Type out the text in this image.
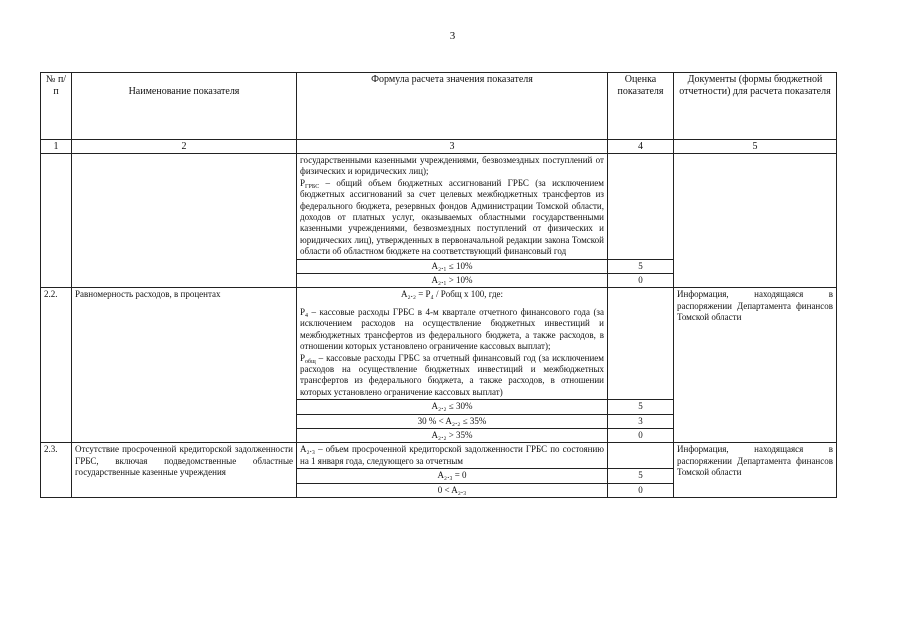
3
№ п/п	Наименование показателя	Формула расчета значения показателя	Оценка показателя	Документы (формы бюджетной отчетности) для расчета показателя
1	2	3	4	5

		государственными казенными учреждениями, безвозмездных поступлений от физических и юридических лиц);

$Р_{ГРБС}$ – общий объем бюджетных ассигнований ГРБС (за исключением бюджетных ассигнований за счет целевых межбюджетных трансфертов из федерального бюджета, резервных фондов Администрации Томской области, доходов от платных услуг, оказываемых областными государственными казенными учреждениями, безвозмездных поступлений от физических и юридических лиц), утвержденных в первоначальной редакции закона Томской области об областном бюджете на соответствующий финансовый год		

		A₂.₁ ≤ 10%	5	
		A₂.₁ > 10%	0	
2.2.	Равномерность расходов, в процентах	A₂.₂ = P₄ / Pобщ x 100, где:

$Р_4$ – кассовые расходы ГРБС в 4-м квартале отчетного финансового года (за исключением расходов на осуществление бюджетных инвестиций и межбюджетных трансфертов из федерального бюджета, а также расходов, в отношении которых установлено ограничение кассовых выплат);

$Р_{общ}$ – кассовые расходы ГРБС за отчетный финансовый год (за исключением расходов на осуществление бюджетных инвестиций и межбюджетных трансфертов из федерального бюджета, а также расходов, в отношении которых установлено ограничение кассовых выплат)		Информация, находящаяся в распоряжении Департамента финансов Томской области
		A₂.₂ ≤ 30%	5	
		30 % < A₂.₂ ≤ 35%	3	
		A₂.₂ > 35%	0	
2.3.	Отсутствие просроченной кредиторской задолженности ГРБС, включая подведомственные областные государственные казенные учреждения	A₂.₃ – объем просроченной кредиторской задолженности ГРБС по состоянию на 1 января года, следующего за отчетным		Информация, находящаяся в распоряжении Департамента финансов Томской области
		A₂.₃ = 0	5	
		0 < A₂.₃	0	
